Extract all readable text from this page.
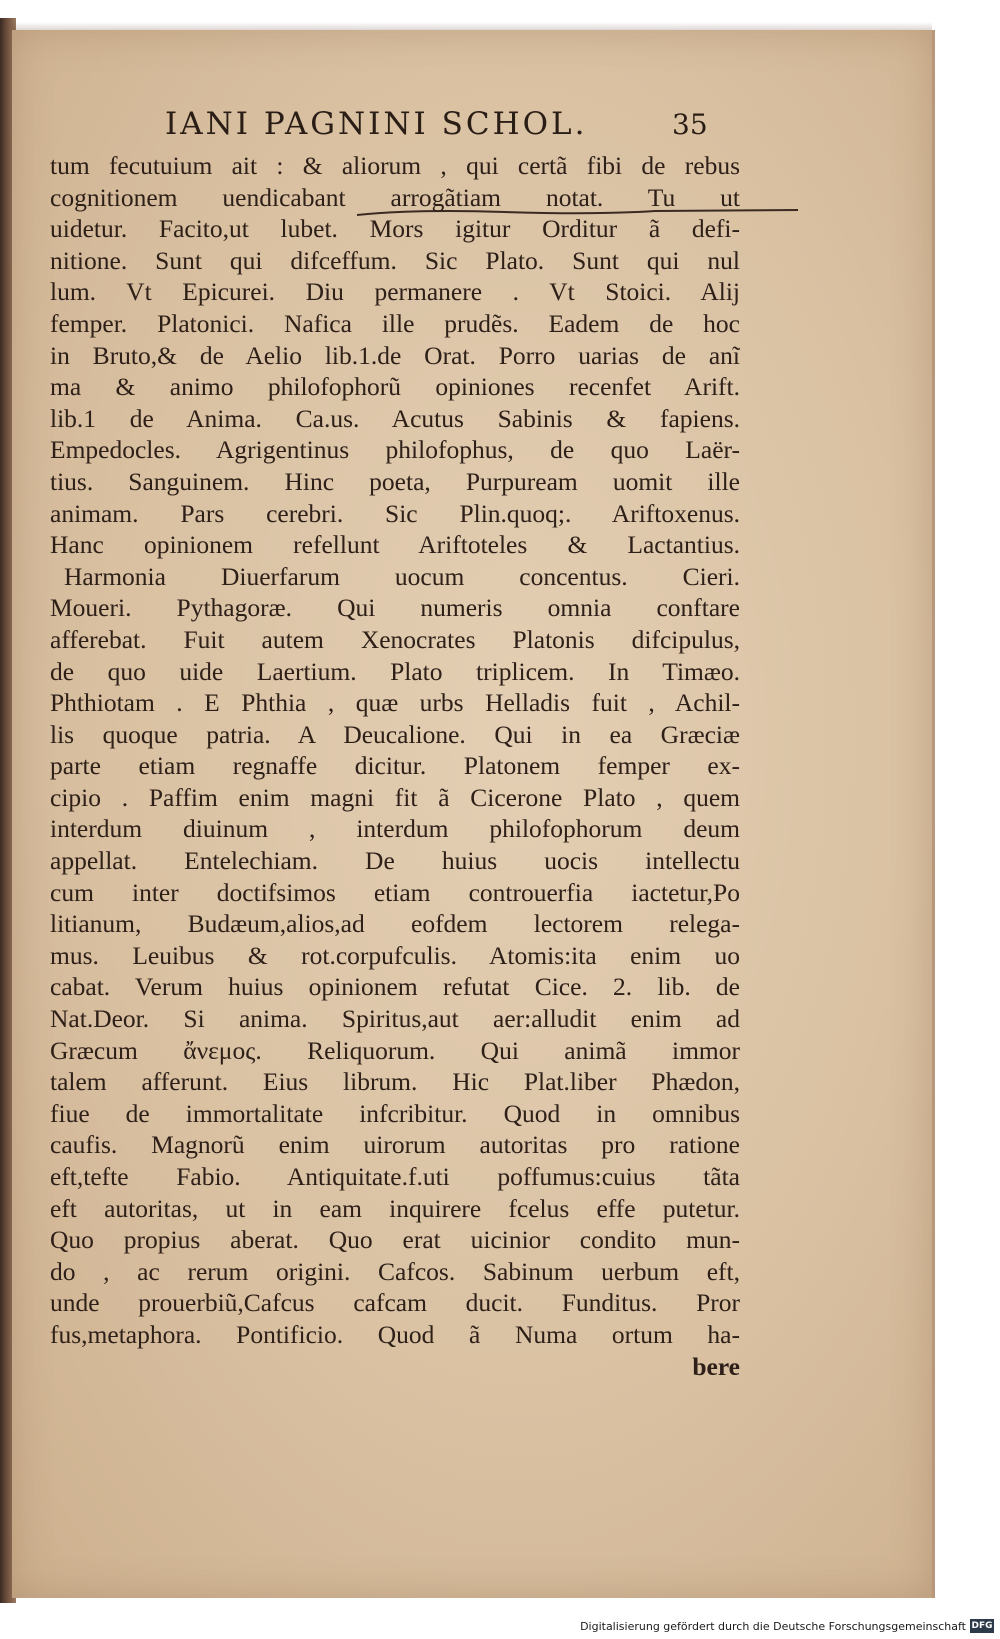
IANI PAGNINI SCHOL.	35
tum fecutuium ait : & aliorum , qui certã fibi de rebus
cognitionem uendicabant arrogãtiam notat. Tu ut
uidetur. Facito,ut lubet. Mors igitur Orditur ã defi-
nitione. Sunt qui difceffum. Sic Plato. Sunt qui nul
lum. Vt Epicurei. Diu permanere . Vt Stoici. Alij
femper. Platonici. Nafica ille prudẽs. Eadem de hoc
in Bruto,& de Aelio lib.1.de Orat. Porro uarias de anĩ
ma & animo philofophorũ opiniones recenfet Arift.
lib.1 de Anima. Ca.us. Acutus Sabinis & fapiens.
Empedocles. Agrigentinus philofophus, de quo Laër-
tius. Sanguinem. Hinc poeta, Purpuream uomit ille
animam. Pars cerebri. Sic Plin.quoq;. Ariftoxenus.
Hanc opinionem refellunt Ariftoteles & Lactantius.
Harmonia Diuerfarum uocum concentus. Cieri.
Moueri. Pythagoræ. Qui numeris omnia conftare
afferebat. Fuit autem Xenocrates Platonis difcipulus,
de quo uide Laertium. Plato triplicem. In Timæo.
Phthiotam . E Phthia , quæ urbs Helladis fuit , Achil-
lis quoque patria. A Deucalione. Qui in ea Græciæ
parte etiam regnaffe dicitur. Platonem femper ex-
cipio . Paffim enim magni fit ã Cicerone Plato , quem
interdum diuinum , interdum philofophorum deum
appellat. Entelechiam. De huius uocis intellectu
cum inter doctifsimos etiam controuerfia iactetur,Po
litianum, Budæum,alios,ad eofdem lectorem relega-
mus. Leuibus & rot.corpufculis. Atomis:ita enim uo
cabat. Verum huius opinionem refutat Cice. 2. lib. de
Nat.Deor. Si anima. Spiritus,aut aer:alludit enim ad
Græcum ἄνεμος. Reliquorum. Qui animã immor
talem afferunt. Eius librum. Hic Plat.liber Phædon,
fiue de immortalitate infcribitur. Quod in omnibus
caufis. Magnorũ enim uirorum autoritas pro ratione
eft,tefte Fabio. Antiquitate.f.uti poffumus:cuius tãta
eft autoritas, ut in eam inquirere fcelus effe putetur.
Quo propius aberat. Quo erat uicinior condito mun-
do , ac rerum origini. Cafcos. Sabinum uerbum eft,
unde prouerbiũ,Cafcus cafcam ducit. Funditus. Pror
fus,metaphora. Pontificio. Quod ã Numa ortum ha-
bere
Digitalisierung gefördert durch die Deutsche Forschungsgemeinschaft DFG
